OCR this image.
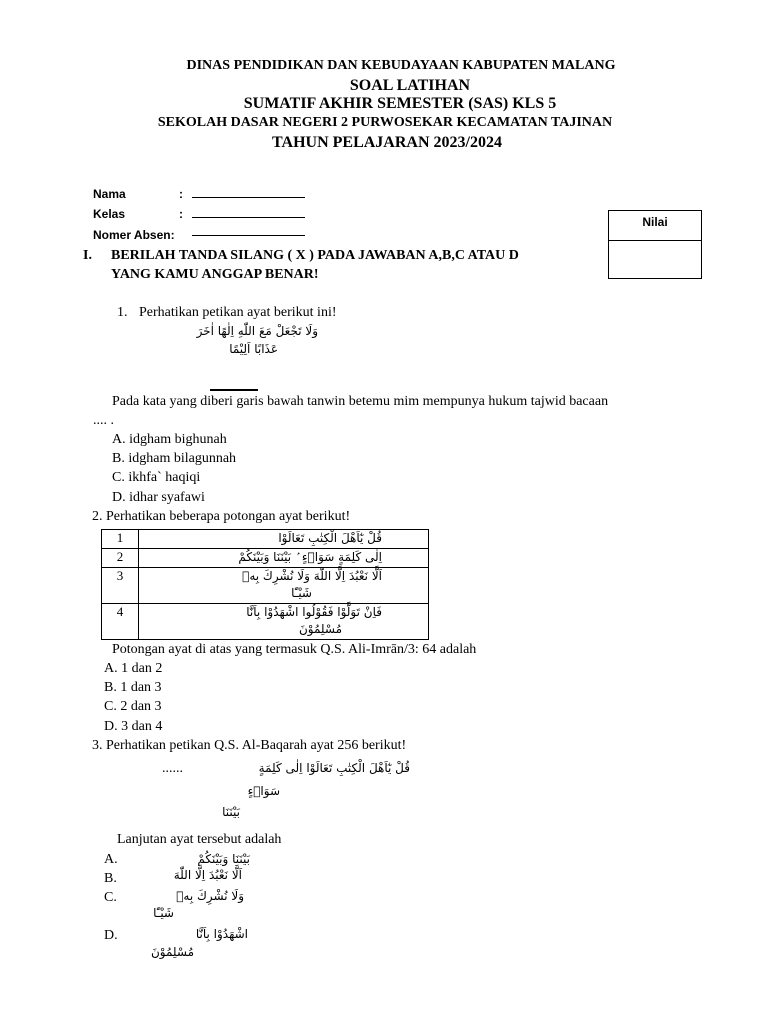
DINAS PENDIDIKAN DAN KEBUDAYAAN KABUPATEN MALANG
SOAL LATIHAN
SUMATIF AKHIR SEMESTER (SAS) KLS 5
SEKOLAH DASAR NEGERI 2 PURWOSEKAR KECAMATAN TAJINAN
TAHUN PELAJARAN 2023/2024
Nama	:
Kelas	:
Nomer Absen:
Nilai
I. BERILAH TANDA SILANG ( X ) PADA JAWABAN A,B,C ATAU D
YANG KAMU ANGGAP BENAR!
1. Perhatikan petikan ayat berikut ini!
وَلَا تَجْعَلْ مَعَ اللّٰهِ اِلٰهًا اٰخَرَ
عَذَابًا اَلِيْمًا
Pada kata yang diberi garis bawah tanwin betemu mim mempunya hukum tajwid bacaan
.... .
A. idgham bighunah
B. idgham bilagunnah
C. ikhfa` haqiqi
D. idhar syafawi
2. Perhatikan beberapa potongan ayat berikut!
1	قُلْ يٰٓاَهْلَ الْكِتٰبِ تَعَالَوْا

2	اِلٰى كَلِمَةٍ سَوَاۤءٍ ۢ بَيْنَنَا وَبَيْنَكُمْ

3	اَلَّا نَعْبُدَ اِلَّا اللّٰهَ وَلَا نُشْرِكَ بِهٖ
شَيْـًٔا

4	فَاِنْ تَوَلَّوْا فَقُوْلُوا اشْهَدُوْا بِاَنَّا
مُسْلِمُوْنَ
Potongan ayat di atas yang termasuk Q.S. Ali-Imrān/3: 64 adalah
A. 1 dan 2
B. 1 dan 3
C. 2 dan 3
D. 3 dan 4
3. Perhatikan petikan Q.S. Al-Baqarah ayat 256 berikut!
......	قُلْ يٰٓاَهْلَ الْكِتٰبِ تَعَالَوْا اِلٰى كَلِمَةٍ
سَوَاۤءٍ
بَيْنَنَا
Lanjutan ayat tersebut adalah
A.	بَيْنَنَا وَبَيْنَكُمْ
B.	اَلَّا نَعْبُدَ اِلَّا اللّٰهَ
C.	وَلَا نُشْرِكَ بِهٖ
شَيْـًٔا
D.	اشْهَدُوْا بِاَنَّا
مُسْلِمُوْنَ
